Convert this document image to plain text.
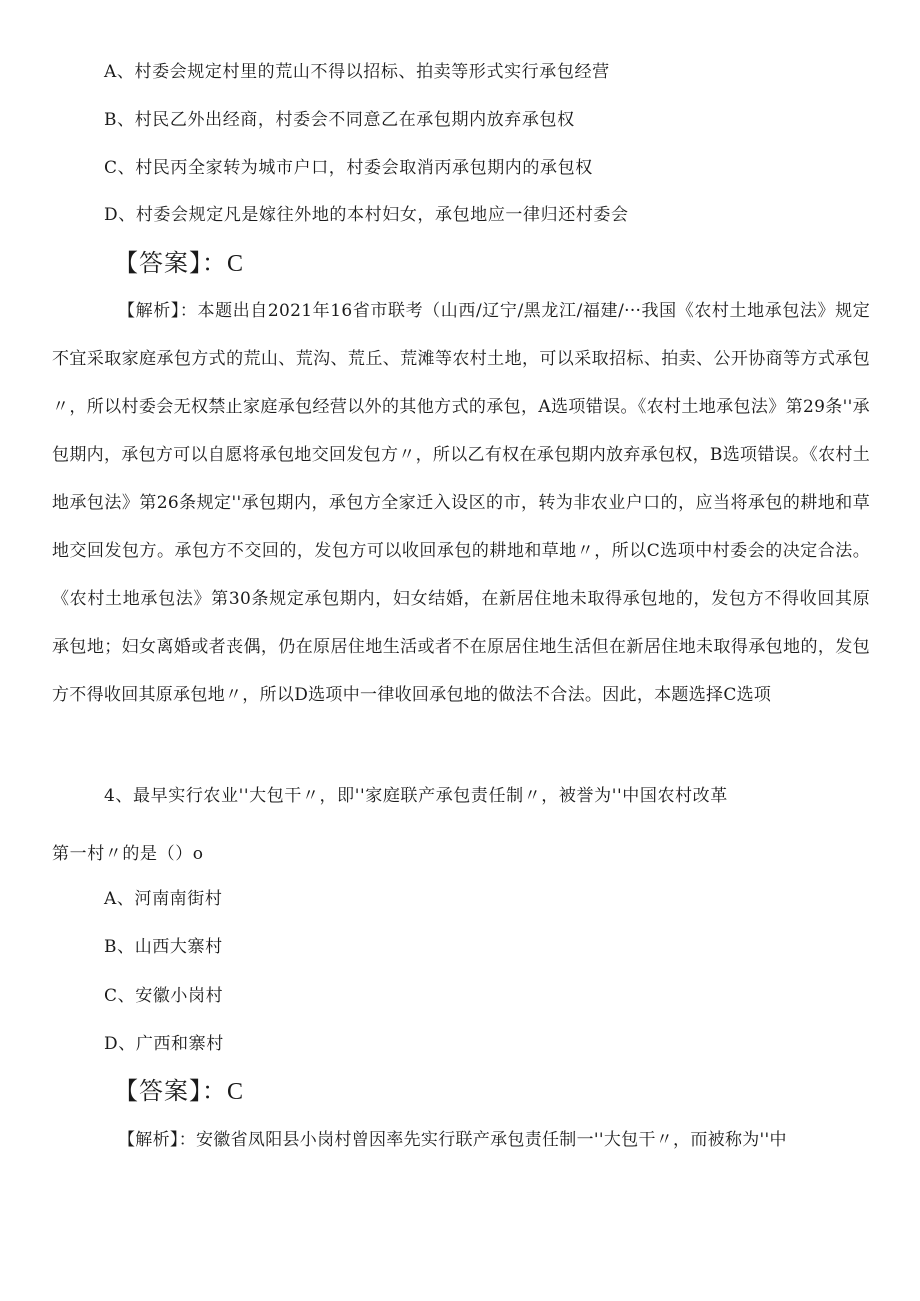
A、村委会规定村里的荒山不得以招标、拍卖等形式实行承包经营
B、村民乙外出经商，村委会不同意乙在承包期内放弃承包权
C、村民丙全家转为城市户口，村委会取消丙承包期内的承包权
D、村委会规定凡是嫁往外地的本村妇女，承包地应一律归还村委会
【答案】：C
【解析】：本题出自2021年16省市联考（山西/辽宁/黑龙江/福建/···我国《农村土地承包法》规定不宜采取家庭承包方式的荒山、荒沟、荒丘、荒滩等农村土地，可以采取招标、拍卖、公开协商等方式承包〃，所以村委会无权禁止家庭承包经营以外的其他方式的承包，A选项错误。《农村土地承包法》第29条''承包期内，承包方可以自愿将承包地交回发包方〃，所以乙有权在承包期内放弃承包权，B选项错误。《农村土地承包法》第26条规定''承包期内，承包方全家迁入设区的市，转为非农业户口的，应当将承包的耕地和草地交回发包方。承包方不交回的，发包方可以收回承包的耕地和草地〃，所以C选项中村委会的决定合法。《农村土地承包法》第30条规定承包期内，妇女结婚，在新居住地未取得承包地的，发包方不得收回其原承包地；妇女离婚或者丧偶，仍在原居住地生活或者不在原居住地生活但在新居住地未取得承包地的，发包方不得收回其原承包地〃，所以D选项中一律收回承包地的做法不合法。因此，本题选择C选项
4、最早实行农业''大包干〃，即''家庭联产承包责任制〃，被誉为''中国农村改革
第一村〃的是（）o
A、河南南街村
B、山西大寨村
C、安徽小岗村
D、广西和寨村
【答案】：C
【解析】：安徽省凤阳县小岗村曾因率先实行联产承包责任制一''大包干〃，而被称为''中
